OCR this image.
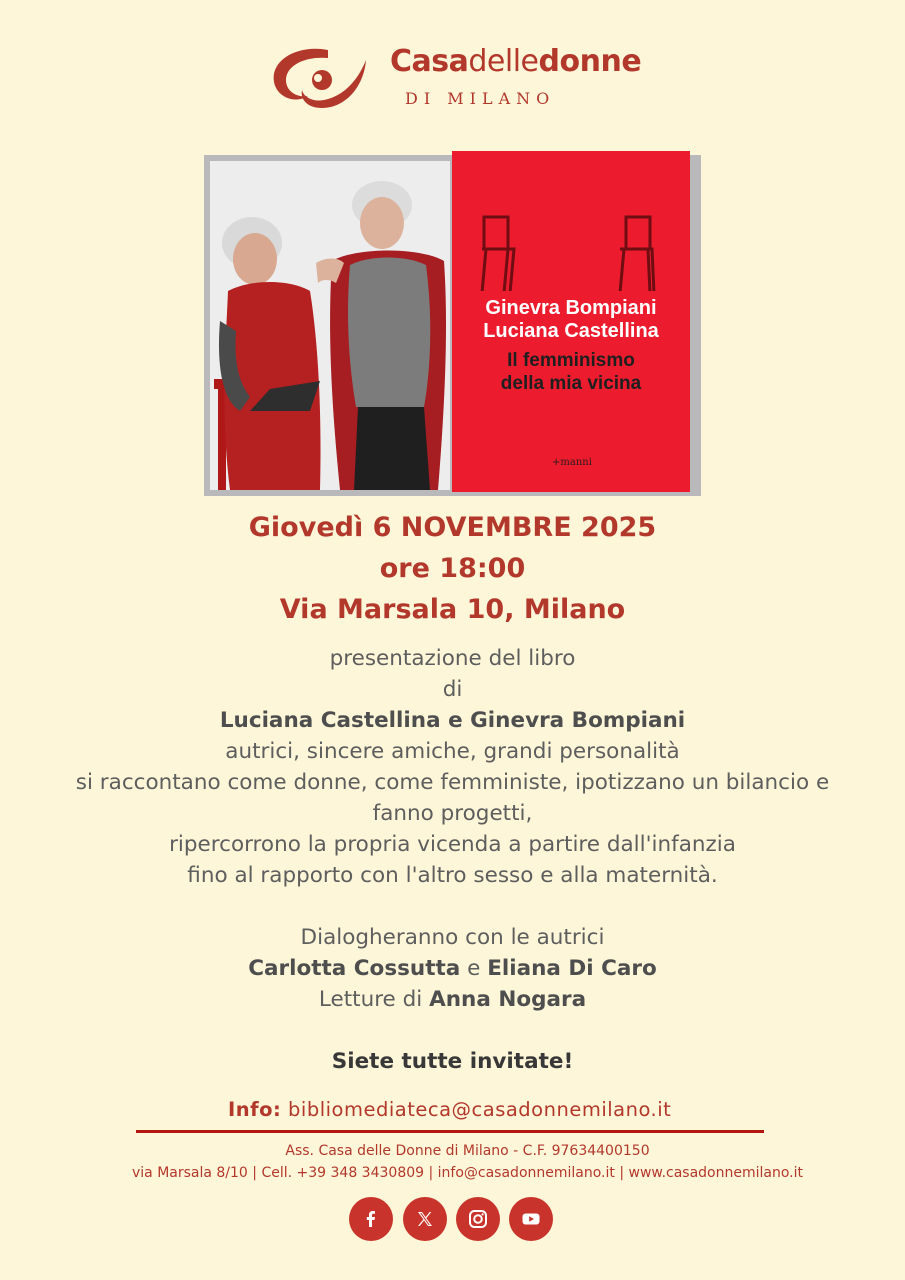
Casadelledonne
DI MILANO
Ginevra Bompiani
Luciana Castellina
Il femminismo
della mia vicina
+manni
Giovedì 6 NOVEMBRE 2025
ore 18:00
Via Marsala 10, Milano
presentazione del libro
di
Luciana Castellina e Ginevra Bompiani
autrici, sincere amiche, grandi personalità
si raccontano come donne, come femministe, ipotizzano un bilancio e
fanno progetti,
ripercorrono la propria vicenda a partire dall'infanzia
fino al rapporto con l'altro sesso e alla maternità.
Dialogheranno con le autrici
Carlotta Cossutta e Eliana Di Caro
Letture di Anna Nogara
Siete tutte invitate!
Info: bibliomediateca@casadonnemilano.it
Ass. Casa delle Donne di Milano - C.F. 97634400150
via Marsala 8/10 | Cell. +39 348 3430809 | info@casadonnemilano.it | www.casadonnemilano.it
